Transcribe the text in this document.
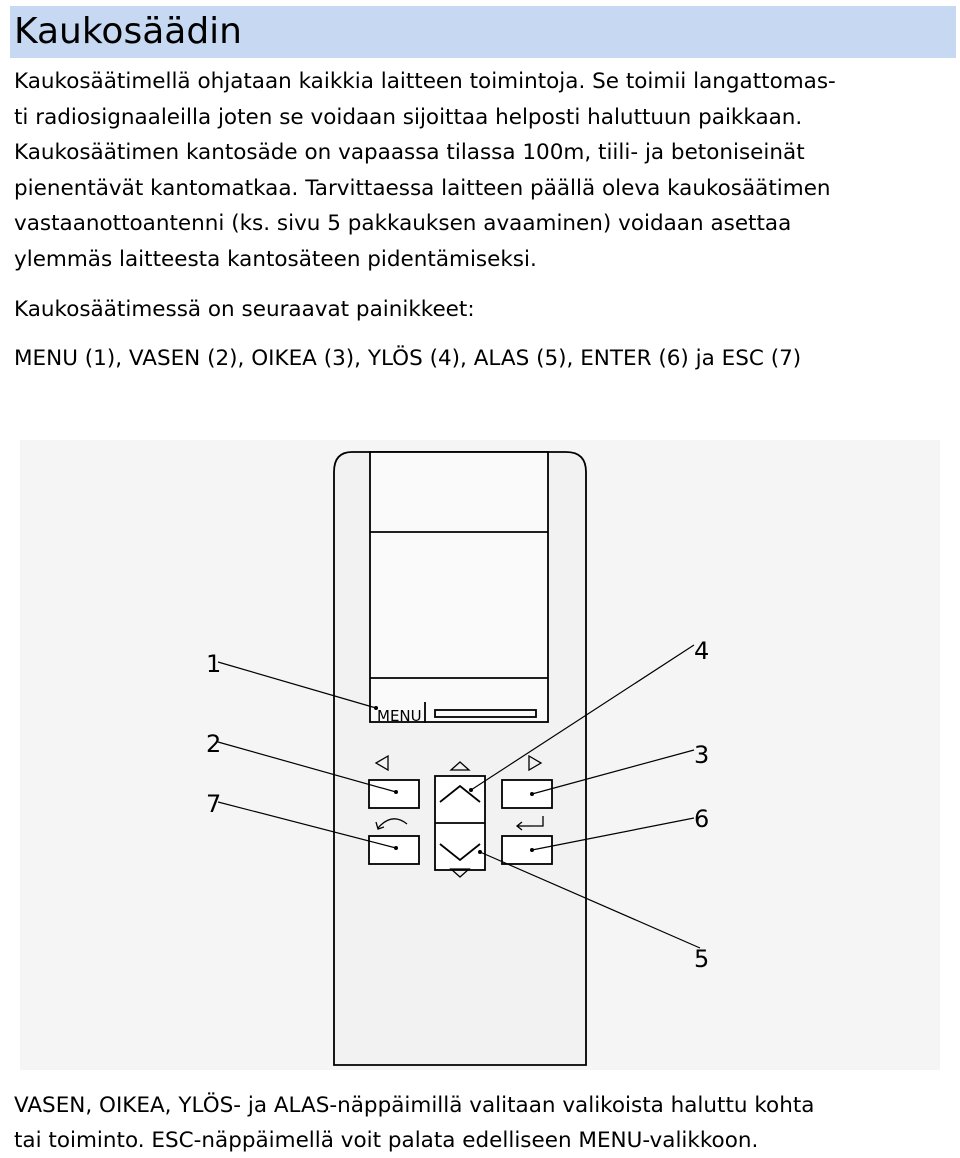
Kaukosäädin

Kaukosäätimellä ohjataan kaikkia laitteen toimintoja. Se toimii langattomas-
ti radiosignaaleilla joten se voidaan sijoittaa helposti haluttuun paikkaan.
Kaukosäätimen kantosäde on vapaassa tilassa 100m, tiili- ja betoniseinät
pienentävät kantomatkaa. Tarvittaessa laitteen päällä oleva kaukosäätimen
vastaanottoantenni (ks. sivu 5 pakkauksen avaaminen) voidaan asettaa
ylemmäs laitteesta kantosäteen pidentämiseksi.

Kaukosäätimessä on seuraavat painikkeet:

MENU (1), VASEN (2), OIKEA (3), YLÖS (4), ALAS (5), ENTER (6) ja ESC (7)

MENU
1
2	3
4
5
6
7

VASEN, OIKEA, YLÖS- ja ALAS-näppäimillä valitaan valikoista haluttu kohta
tai toiminto. ESC-näppäimellä voit palata edelliseen MENU-valikkoon.
